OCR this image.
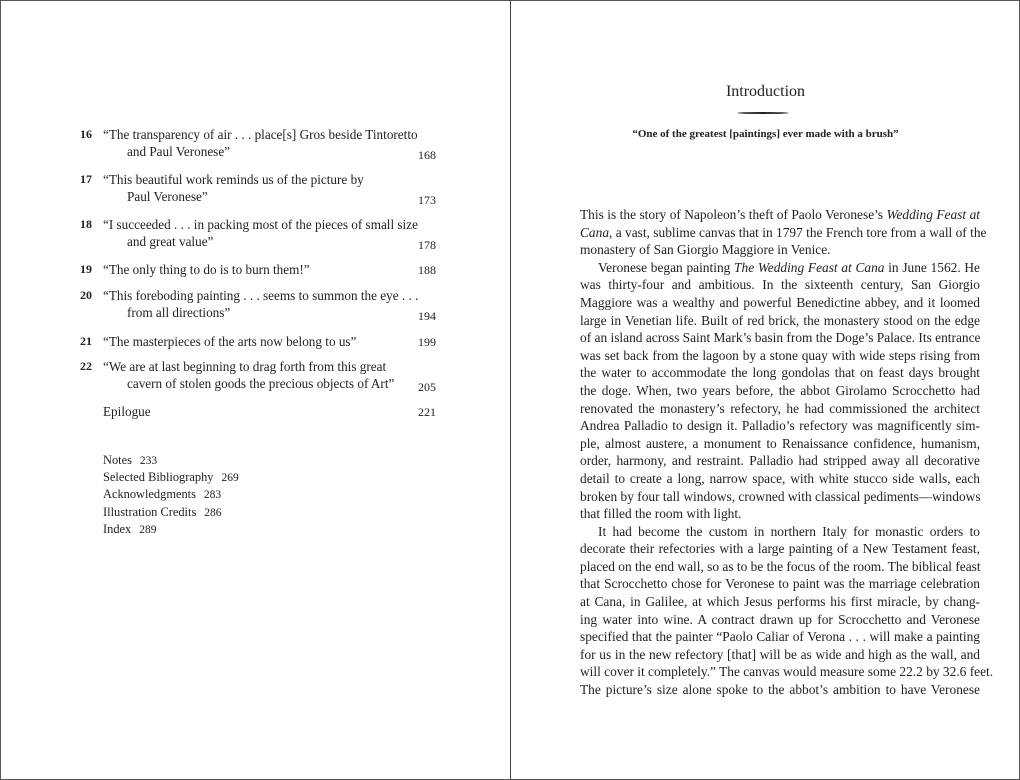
16 “The transparency of air . . . place[s] Gros beside Tintoretto
and Paul Veronese”	168
17 “This beautiful work reminds us of the picture by
Paul Veronese”	173
18 “I succeeded . . . in packing most of the pieces of small size
and great value”	178
19 “The only thing to do is to burn them!”	188
20 “This foreboding painting . . . seems to summon the eye . . .
from all directions”	194
21 “The masterpieces of the arts now belong to us”	199
22 “We are at last beginning to drag forth from this great
cavern of stolen goods the precious objects of Art” 205
Epilogue	221
Notes 233
Selected Bibliography 269
Acknowledgments 283
Illustration Credits 286
Index 289
Introduction
“One of the greatest [paintings] ever made with a brush”
This is the story of Napoleon’s theft of Paolo Veronese’s Wedding Feast at
Cana, a vast, sublime canvas that in 1797 the French tore from a wall of the
monastery of San Giorgio Maggiore in Venice.
Veronese began painting The Wedding Feast at Cana in June 1562. He
was thirty-four and ambitious. In the sixteenth century, San Giorgio
Maggiore was a wealthy and powerful Benedictine abbey, and it loomed
large in Venetian life. Built of red brick, the monastery stood on the edge
of an island across Saint Mark’s basin from the Doge’s Palace. Its entrance
was set back from the lagoon by a stone quay with wide steps rising from
the water to accommodate the long gondolas that on feast days brought
the doge. When, two years before, the abbot Girolamo Scrocchetto had
renovated the monastery’s refectory, he had commissioned the architect
Andrea Palladio to design it. Palladio’s refectory was magnificently sim-
ple, almost austere, a monument to Renaissance confidence, humanism,
order, harmony, and restraint. Palladio had stripped away all decorative
detail to create a long, narrow space, with white stucco side walls, each
broken by four tall windows, crowned with classical pediments—windows
that filled the room with light.
It had become the custom in northern Italy for monastic orders to
decorate their refectories with a large painting of a New Testament feast,
placed on the end wall, so as to be the focus of the room. The biblical feast
that Scrocchetto chose for Veronese to paint was the marriage celebration
at Cana, in Galilee, at which Jesus performs his first miracle, by chang-
ing water into wine. A contract drawn up for Scrocchetto and Veronese
specified that the painter “Paolo Caliar of Verona . . . will make a painting
for us in the new refectory [that] will be as wide and high as the wall, and
will cover it completely.” The canvas would measure some 22.2 by 32.6 feet.
The picture’s size alone spoke to the abbot’s ambition to have Veronese
